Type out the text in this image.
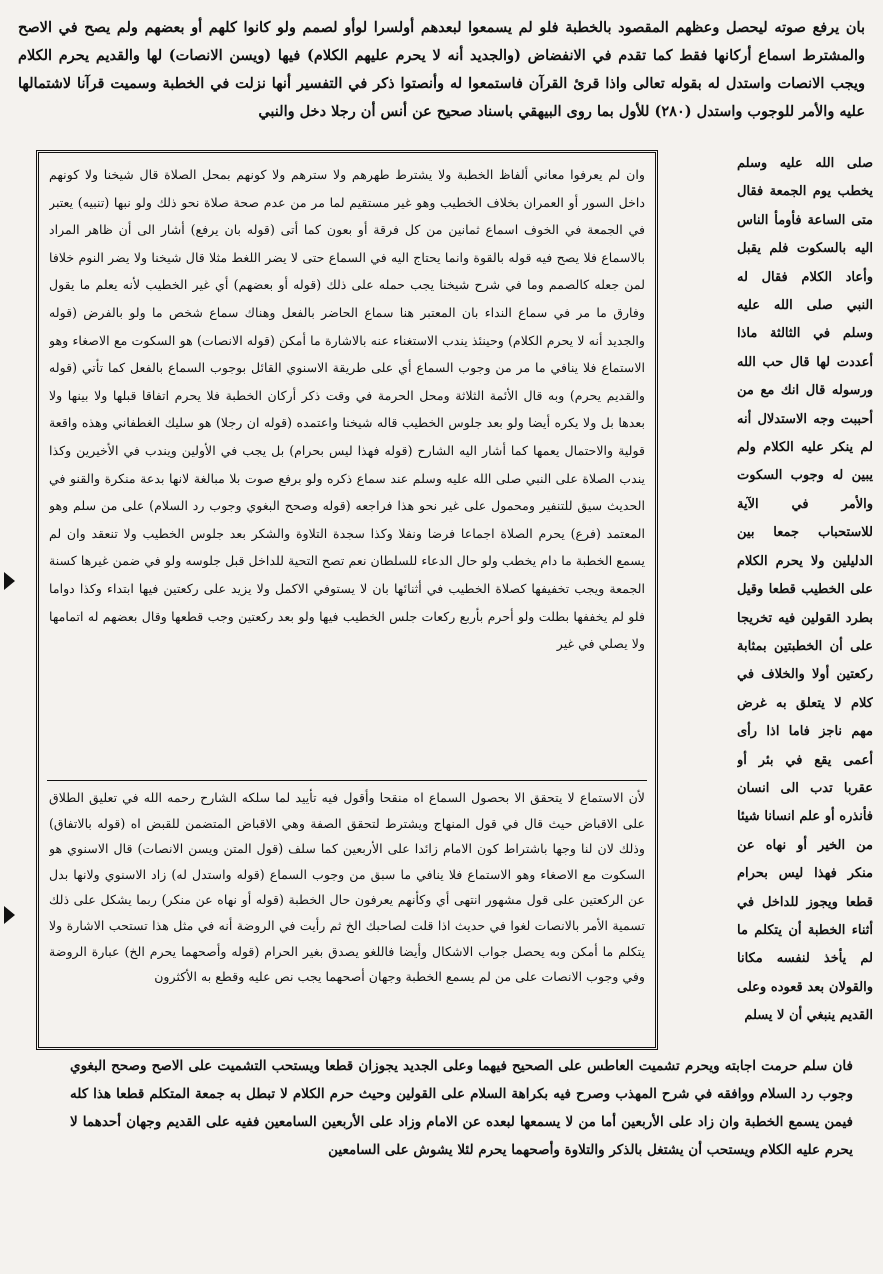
بان يرفع صوته ليحصل وعظهم المقصود بالخطبة فلو لم يسمعوا لبعدهم أولسرا لوأو لصمم ولو كانوا كلهم أو بعضهم ولم يصح في الاصح والمشترط اسماع أركانها فقط كما تقدم في الانفضاض (والجديد أنه لا يحرم عليهم الكلام) فيها (ويسن الانصات) لها والقديم يحرم الكلام ويجب الانصات واستدل له بقوله تعالى واذا قرئ القرآن فاستمعوا له وأنصتوا ذكر في التفسير أنها نزلت في الخطبة وسميت قرآنا لاشتمالها عليه والأمر للوجوب واستدل (٢٨٠) للأول بما روى البيهقي باسناد صحيح عن أنس أن رجلا دخل والنبي

صلى الله عليه وسلم يخطب يوم الجمعة فقال متى الساعة فأومأ الناس اليه بالسكوت فلم يقبل وأعاد الكلام فقال له النبي صلى الله عليه وسلم في الثالثة ماذا أعددت لها قال حب الله ورسوله قال انك مع من أحببت وجه الاستدلال أنه لم ينكر عليه الكلام ولم يبين له وجوب السكوت والأمر في الآية للاستحباب جمعا بين الدليلين ولا يحرم الكلام على الخطيب قطعا وقيل بطرد القولين فيه تخريجا على أن الخطبتين بمثابة ركعتين أولا والخلاف في كلام لا يتعلق به غرض مهم ناجز فاما اذا رأى أعمى يقع في بئر أو عقربا تدب الى انسان فأنذره أو علم انسانا شيئا من الخير أو نهاه عن منكر فهذا ليس بحرام قطعا ويجوز للداخل في أثناء الخطبة أن يتكلم ما لم يأخذ لنفسه مكانا والقولان بعد قعوده وعلى القديم ينبغي أن لا يسلم

وان لم يعرفوا معاني ألفاظ الخطبة ولا يشترط طهرهم ولا سترهم ولا كونهم بمحل الصلاة قال شيخنا ولا كونهم داخل السور أو العمران بخلاف الخطيب وهو غير مستقيم لما مر من عدم صحة صلاة نحو ذلك ولو نبها (تنبيه) يعتبر في الجمعة في الخوف اسماع ثمانين من كل فرقة أو بعون كما أتى (قوله بان يرفع) أشار الى أن ظاهر المراد بالاسماع فلا يصح فيه قوله بالقوة وانما يحتاج اليه في السماع حتى لا يضر اللغط مثلا قال شيخنا ولا يضر النوم خلافا لمن جعله كالصمم وما في شرح شيخنا يجب حمله على ذلك (قوله أو بعضهم) أي غير الخطيب لأنه يعلم ما يقول وفارق ما مر في سماع النداء بان المعتبر هنا سماع الحاضر بالفعل وهناك سماع شخص ما ولو بالفرض (قوله والجديد أنه لا يحرم الكلام) وحينئذ يندب الاستغناء عنه بالاشارة ما أمكن (قوله الانصات) هو السكوت مع الاصغاء وهو الاستماع فلا ينافي ما مر من وجوب السماع أي على طريقة الاسنوي القائل بوجوب السماع بالفعل كما تأتي (قوله والقديم يحرم) وبه قال الأئمة الثلاثة ومحل الحرمة في وقت ذكر أركان الخطبة فلا يحرم اتفاقا قبلها ولا بينها ولا بعدها بل ولا يكره أيضا ولو بعد جلوس الخطيب قاله شيخنا واعتمده (قوله ان رجلا) هو سليك الغطفاني وهذه واقعة قولية والاحتمال يعمها كما أشار اليه الشارح (قوله فهذا ليس بحرام) بل يجب في الأولين ويندب في الأخيرين وكذا يندب الصلاة على النبي صلى الله عليه وسلم عند سماع ذكره ولو برفع صوت بلا مبالغة لانها بدعة منكرة والقنو في الحديث سيق للتنفير ومحمول على غير نحو هذا فراجعه (قوله وصحح البغوي وجوب رد السلام) على من سلم وهو المعتمد (فرع) يحرم الصلاة اجماعا فرضا ونفلا وكذا سجدة التلاوة والشكر بعد جلوس الخطيب ولا تنعقد وان لم يسمع الخطبة ما دام يخطب ولو حال الدعاء للسلطان نعم تصح التحية للداخل قبل جلوسه ولو في ضمن غيرها كسنة الجمعة ويجب تخفيفها كصلاة الخطيب في أثنائها بان لا يستوفي الاكمل ولا يزيد على ركعتين فيها ابتداء وكذا دواما فلو لم يخففها بطلت ولو أحرم بأربع ركعات جلس الخطيب فيها ولو بعد ركعتين وجب قطعها وقال بعضهم له اتمامها ولا يصلي في غير

لأن الاستماع لا يتحقق الا بحصول السماع اه منقحا وأقول فيه تأييد لما سلكه الشارح رحمه الله في تعليق الطلاق على الاقباض حيث قال في قول المنهاج ويشترط لتحقق الصفة وهي الاقباض المتضمن للقبض اه (قوله بالاتفاق) وذلك لان لنا وجها باشتراط كون الامام زائدا على الأربعين كما سلف (قول المتن ويسن الانصات) قال الاسنوي هو السكوت مع الاصغاء وهو الاستماع فلا ينافي ما سبق من وجوب السماع (قوله واستدل له) زاد الاسنوي ولانها بدل عن الركعتين على قول مشهور انتهى أي وكأنهم يعرفون حال الخطبة (قوله أو نهاه عن منكر) ربما يشكل على ذلك تسمية الأمر بالانصات لغوا في حديث اذا قلت لصاحبك الخ ثم رأيت في الروضة أنه في مثل هذا تستحب الاشارة ولا يتكلم ما أمكن وبه يحصل جواب الاشكال وأيضا فاللغو يصدق بغير الحرام (قوله وأصحهما يحرم الخ) عبارة الروضة وفي وجوب الانصات على من لم يسمع الخطبة وجهان أصحهما يجب نص عليه وقطع به الأكثرون

فان سلم حرمت اجابته ويحرم تشميت العاطس على الصحيح فيهما وعلى الجديد يجوزان قطعا ويستحب التشميت على الاصح وصحح البغوي وجوب رد السلام ووافقه في شرح المهذب وصرح فيه بكراهة السلام على القولين وحيث حرم الكلام لا تبطل به جمعة المتكلم قطعا هذا كله فيمن يسمع الخطبة وان زاد على الأربعين أما من لا يسمعها لبعده عن الامام وزاد على الأربعين السامعين ففيه على القديم وجهان أحدهما لا يحرم عليه الكلام ويستحب أن يشتغل بالذكر والتلاوة وأصحهما يحرم لئلا يشوش على السامعين
